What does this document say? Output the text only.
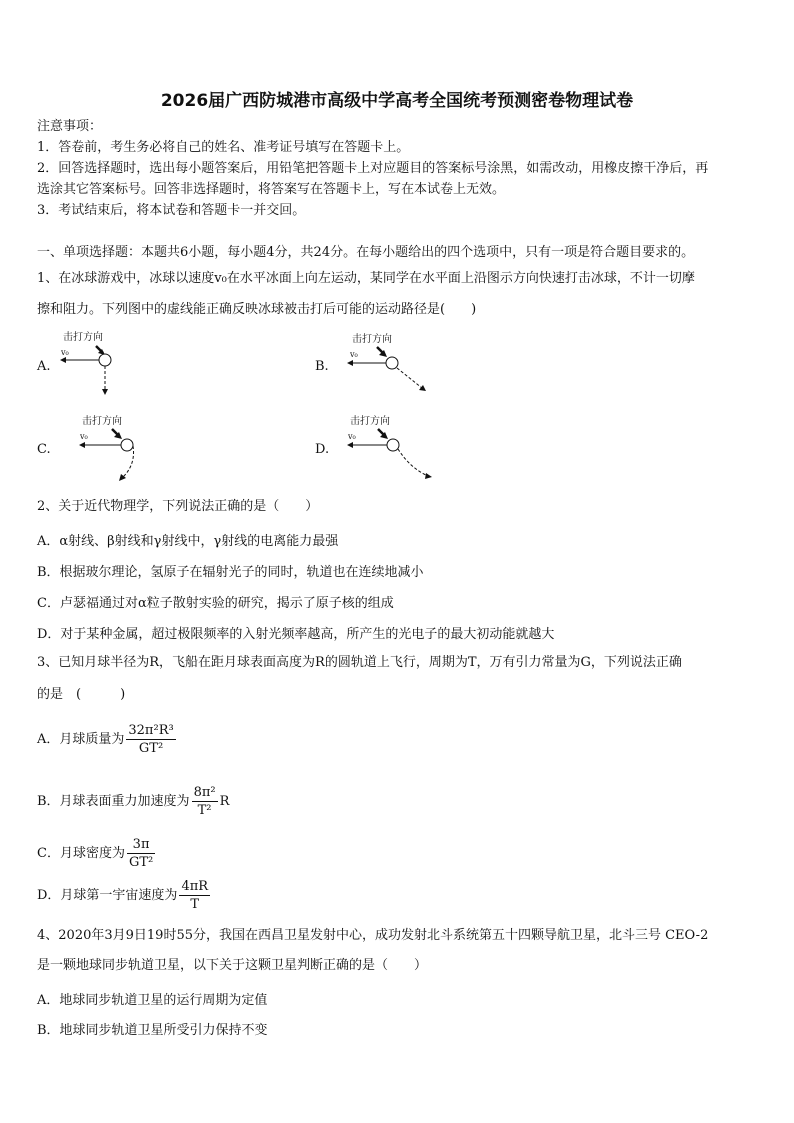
2026届广西防城港市高级中学高考全国统考预测密卷物理试卷
注意事项：
1．答卷前，考生务必将自己的姓名、准考证号填写在答题卡上。
2．回答选择题时，选出每小题答案后，用铅笔把答题卡上对应题目的答案标号涂黑，如需改动，用橡皮擦干净后，再
选涂其它答案标号。回答非选择题时，将答案写在答题卡上，写在本试卷上无效。
3．考试结束后，将本试卷和答题卡一并交回。
一、单项选择题：本题共6小题，每小题4分，共24分。在每小题给出的四个选项中，只有一项是符合题目要求的。
1、在冰球游戏中，冰球以速度v₀在水平冰面上向左运动，某同学在水平面上沿图示方向快速打击冰球，不计一切摩
擦和阻力。下列图中的虚线能正确反映冰球被击打后可能的运动路径是(　　)
A.
击打方向
v₀
B.
击打方向
v₀
C.
击打方向
v₀
D.
击打方向
v₀
2、关于近代物理学，下列说法正确的是（　　）
A．α射线、β射线和γ射线中，γ射线的电离能力最强
B．根据玻尔理论，氢原子在辐射光子的同时，轨道也在连续地减小
C．卢瑟福通过对α粒子散射实验的研究，揭示了原子核的组成
D．对于某种金属，超过极限频率的入射光频率越高，所产生的光电子的最大初动能就越大
3、已知月球半径为R，飞船在距月球表面高度为R的圆轨道上飞行，周期为T，万有引力常量为G，下列说法正确
的是　(　　　)
A．月球质量为 $\frac{\text{32π²R³}}{\text{GT²}}$
B．月球表面重力加速度为 $\frac{\text{8π²}}{\text{T²}}$ R
C．月球密度为 $\frac{3\pi}{\text{GT²}}$
D．月球第一宇宙速度为 $\frac{4\pi R}{T}$
4、2020年3月9日19时55分，我国在西昌卫星发射中心，成功发射北斗系统第五十四颗导航卫星，北斗三号 CEO-2
是一颗地球同步轨道卫星，以下关于这颗卫星判断正确的是（　　）
A．地球同步轨道卫星的运行周期为定值
B．地球同步轨道卫星所受引力保持不变
